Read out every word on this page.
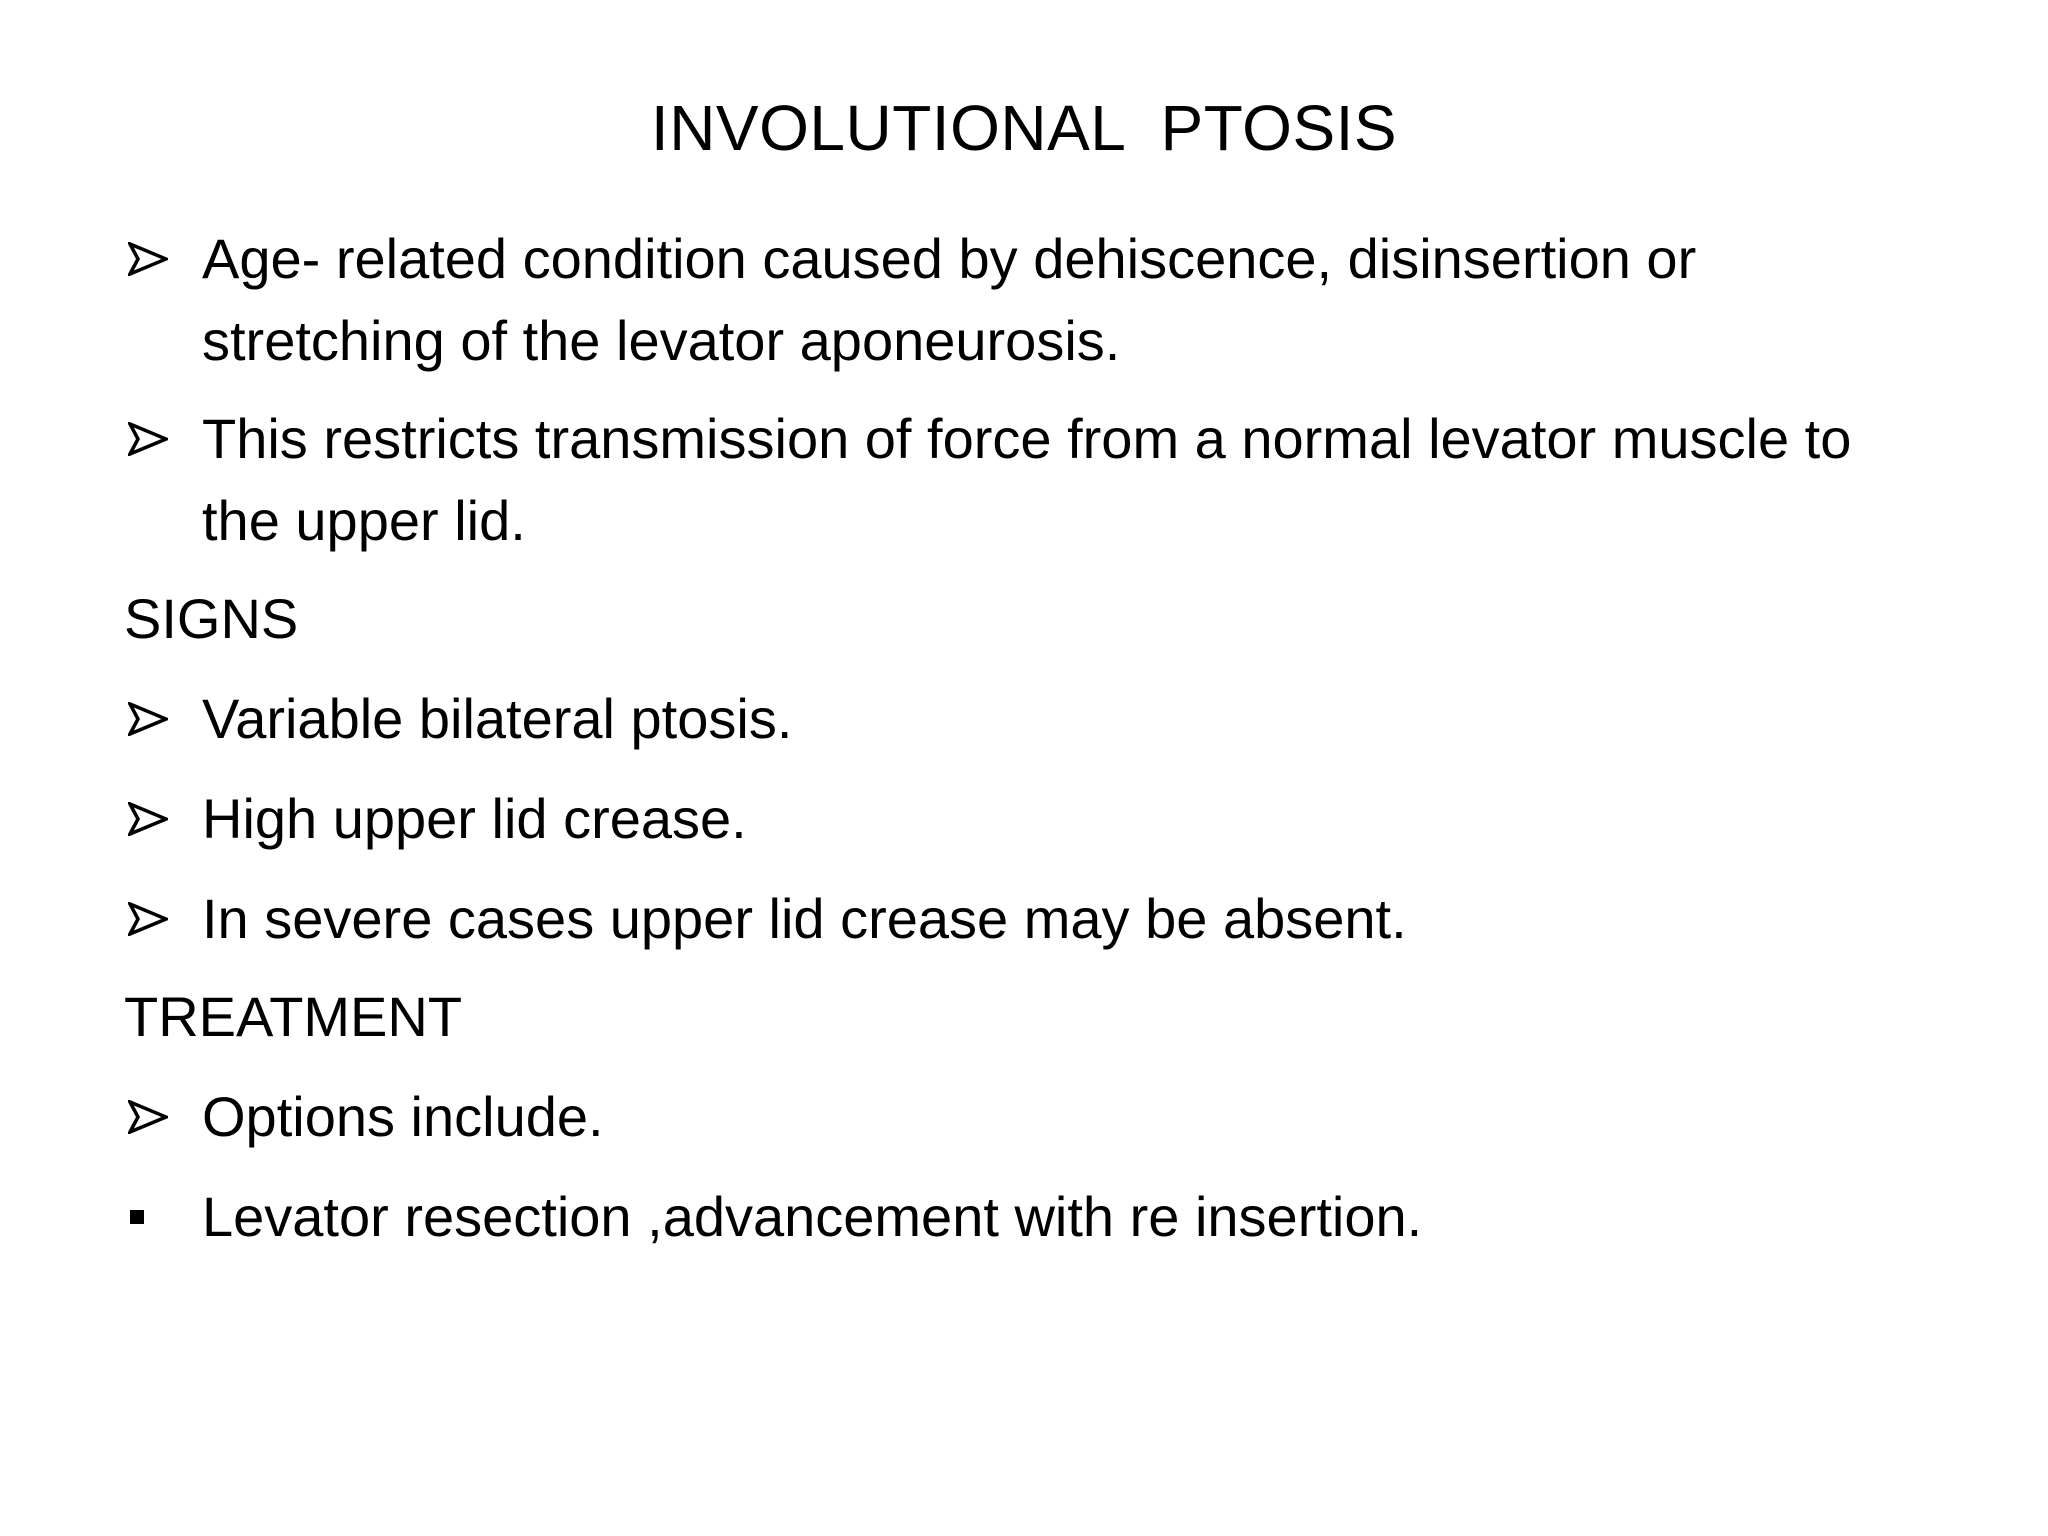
INVOLUTIONAL  PTOSIS
Age- related condition caused by dehiscence, disinsertion or stretching of the levator aponeurosis.
This restricts transmission of force from a normal levator muscle to the upper lid.
SIGNS
Variable bilateral ptosis.
High upper lid crease.
In severe cases upper lid crease may be absent.
TREATMENT
Options include.
Levator resection ,advancement with re insertion.
